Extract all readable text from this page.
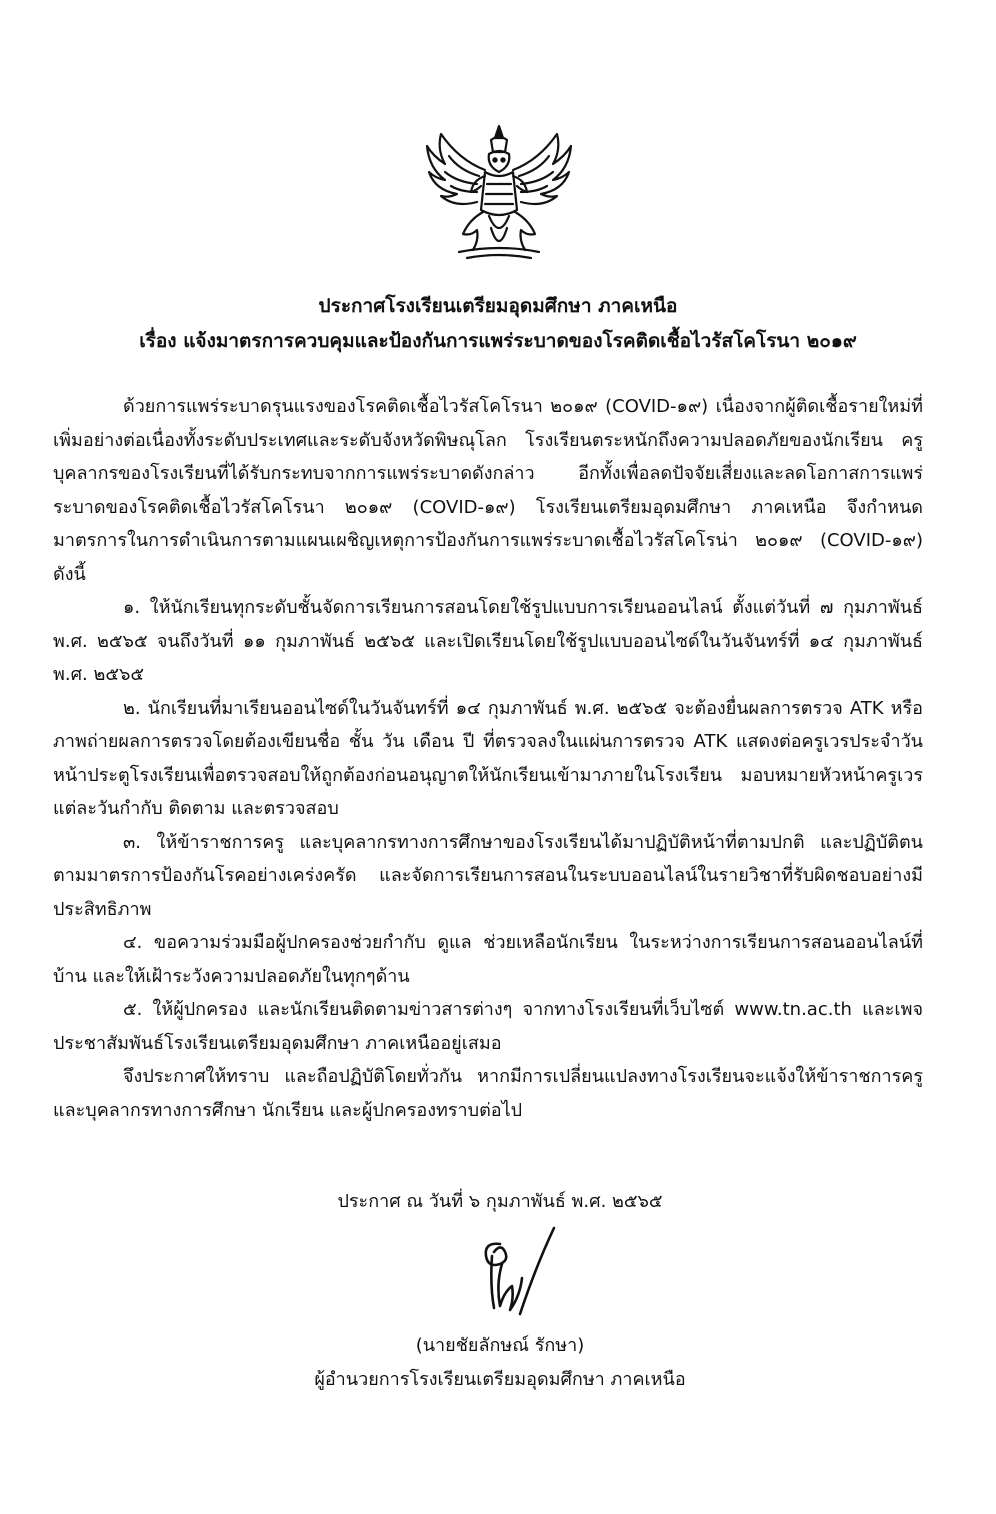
ประกาศโรงเรียนเตรียมอุดมศึกษา ภาคเหนือ
เรื่อง แจ้งมาตรการควบคุมและป้องกันการแพร่ระบาดของโรคติดเชื้อไวรัสโคโรนา ๒๐๑๙

ด้วยการแพร่ระบาดรุนแรงของโรคติดเชื้อไวรัสโคโรนา ๒๐๑๙ (COVID-๑๙) เนื่องจากผู้ติดเชื้อรายใหม่ที่เพิ่มอย่างต่อเนื่องทั้งระดับประเทศและระดับจังหวัดพิษณุโลก โรงเรียนตระหนักถึงความปลอดภัยของนักเรียน ครู บุคลากรของโรงเรียนที่ได้รับกระทบจากการแพร่ระบาดดังกล่าว อีกทั้งเพื่อลดปัจจัยเสี่ยงและลดโอกาสการแพร่ระบาดของโรคติดเชื้อไวรัสโคโรนา ๒๐๑๙ (COVID-๑๙) โรงเรียนเตรียมอุดมศึกษา ภาคเหนือ จึงกำหนดมาตรการในการดำเนินการตามแผนเผชิญเหตุการป้องกันการแพร่ระบาดเชื้อไวรัสโคโรน่า ๒๐๑๙ (COVID-๑๙) ดังนี้

๑. ให้นักเรียนทุกระดับชั้นจัดการเรียนการสอนโดยใช้รูปแบบการเรียนออนไลน์ ตั้งแต่วันที่ ๗ กุมภาพันธ์ พ.ศ. ๒๕๖๕ จนถึงวันที่ ๑๑ กุมภาพันธ์ ๒๕๖๕ และเปิดเรียนโดยใช้รูปแบบออนไซด์ในวันจันทร์ที่ ๑๔ กุมภาพันธ์ พ.ศ. ๒๕๖๕

๒. นักเรียนที่มาเรียนออนไซด์ในวันจันทร์ที่ ๑๔ กุมภาพันธ์ พ.ศ. ๒๕๖๕ จะต้องยื่นผลการตรวจ ATK หรือภาพถ่ายผลการตรวจโดยต้องเขียนชื่อ ชั้น วัน เดือน ปี ที่ตรวจลงในแผ่นการตรวจ ATK แสดงต่อครูเวรประจำวันหน้าประตูโรงเรียนเพื่อตรวจสอบให้ถูกต้องก่อนอนุญาตให้นักเรียนเข้ามาภายในโรงเรียน มอบหมายหัวหน้าครูเวรแต่ละวันกำกับ ติดตาม และตรวจสอบ

๓. ให้ข้าราชการครู และบุคลากรทางการศึกษาของโรงเรียนได้มาปฏิบัติหน้าที่ตามปกติ และปฏิบัติตนตามมาตรการป้องกันโรคอย่างเคร่งครัด และจัดการเรียนการสอนในระบบออนไลน์ในรายวิชาที่รับผิดชอบอย่างมีประสิทธิภาพ

๔. ขอความร่วมมือผู้ปกครองช่วยกำกับ ดูแล ช่วยเหลือนักเรียน ในระหว่างการเรียนการสอนออนไลน์ที่บ้าน และให้เฝ้าระวังความปลอดภัยในทุกๆด้าน

๕. ให้ผู้ปกครอง และนักเรียนติดตามข่าวสารต่างๆ จากทางโรงเรียนที่เว็บไซต์ www.tn.ac.th และเพจประชาสัมพันธ์โรงเรียนเตรียมอุดมศึกษา ภาคเหนืออยู่เสมอ

จึงประกาศให้ทราบ และถือปฏิบัติโดยทั่วกัน หากมีการเปลี่ยนแปลงทางโรงเรียนจะแจ้งให้ข้าราชการครูและบุคลากรทางการศึกษา นักเรียน และผู้ปกครองทราบต่อไป

ประกาศ ณ วันที่ ๖ กุมภาพันธ์ พ.ศ. ๒๕๖๕
(นายชัยลักษณ์ รักษา)
ผู้อำนวยการโรงเรียนเตรียมอุดมศึกษา ภาคเหนือ
